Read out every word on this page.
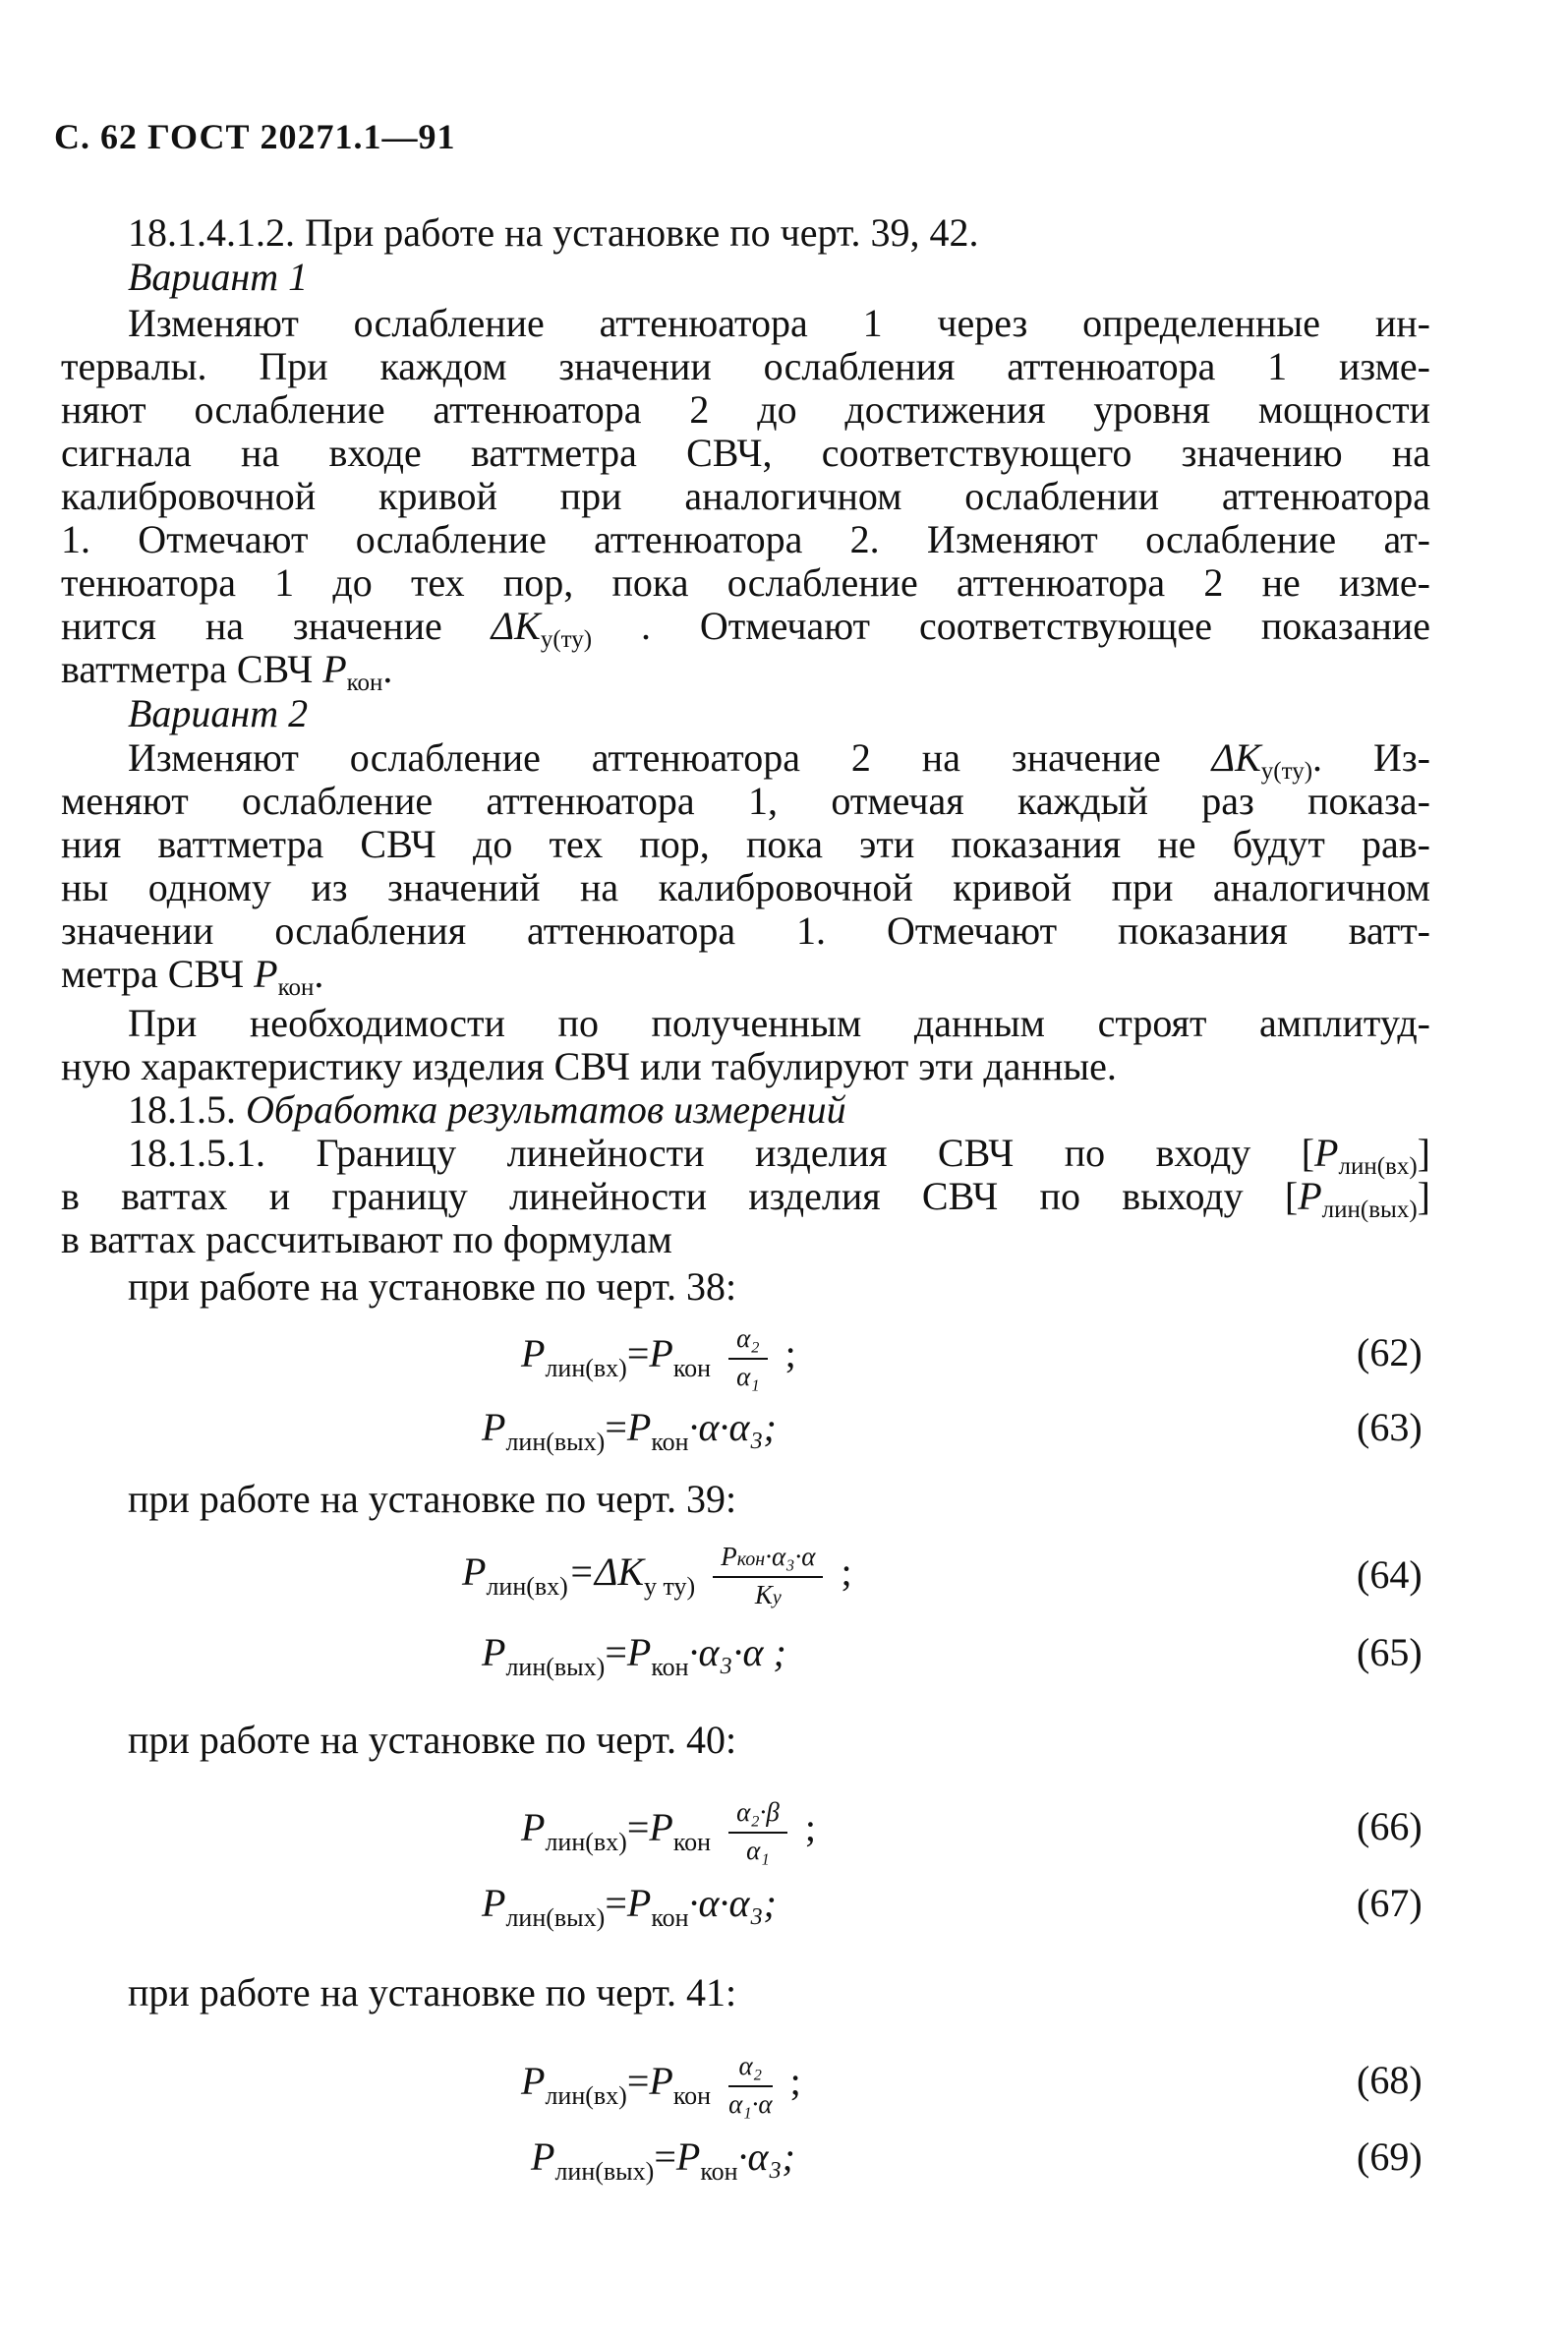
С. 62 ГОСТ 20271.1—91
18.1.4.1.2. При работе на установке по черт. 39, 42.
Вариант 1
Изменяют ослабление аттенюатора 1 через определенные ин-
тервалы. При каждом значении ослабления аттенюатора 1 изме-
няют ослабление аттенюатора 2 до достижения уровня мощности
сигнала на входе ваттметра СВЧ, соответствующего значению на
калибровочной кривой при аналогичном ослаблении аттенюатора
1. Отмечают ослабление аттенюатора 2. Изменяют ослабление ат-
тенюатора 1 до тех пор, пока ослабление аттенюатора 2 не изме-
нится на значение $\Delta K_{у(ту)}$ . Отмечают соответствующее показание
ваттметра СВЧ $P_{кон}$.
Вариант 2
Изменяют ослабление аттенюатора 2 на значение $\Delta K_{у(ту)}$. Из-
меняют ослабление аттенюатора 1, отмечая каждый раз показа-
ния ваттметра СВЧ до тех пор, пока эти показания не будут рав-
ны одному из значений на калибровочной кривой при аналогичном
значении ослабления аттенюатора 1. Отмечают показания ватт-
метра СВЧ $P_{кон}$.
При необходимости по полученным данным строят амплитуд-
ную характеристику изделия СВЧ или табулируют эти данные.
18.1.5. Обработка результатов измерений
18.1.5.1. Границу линейности изделия СВЧ по входу $[P_{лин(вх)}]$
в ваттах и границу линейности изделия СВЧ по выходу $[P_{лин(вых)}]$
в ваттах рассчитывают по формулам
при работе на установке по черт. 38:
$P_{лин(вх)}=P_{кон} \frac{\text{α₂}}{\text{α₁}}$ ;	(62)
$P_{лин(вых)}=P_{кон}\cdot\alpha\cdot\alpha_3$;	(63)
при работе на установке по черт. 39:
$P_{лин(вх)}=\Delta K_{у ту)} \frac{\text{Pкон·α₃·α}}{Kу}$ ;	(64)
$P_{лин(вых)}=P_{кон}\cdot\alpha_3\cdot\alpha$ ;	(65)
при работе на установке по черт. 40:
$P_{лин(вх)}=P_{кон} \frac{\text{α₂·β}}{\text{α₁}}$ ;	(66)
$P_{лин(вых)}=P_{кон}\cdot\alpha\cdot\alpha_3$;	(67)
при работе на установке по черт. 41:
$P_{лин(вх)}=P_{кон} \frac{\text{α₂}}{\text{α₁·α}}$ ;	(68)
$P_{лин(вых)}=P_{кон}\cdot\alpha_3$;	(69)
